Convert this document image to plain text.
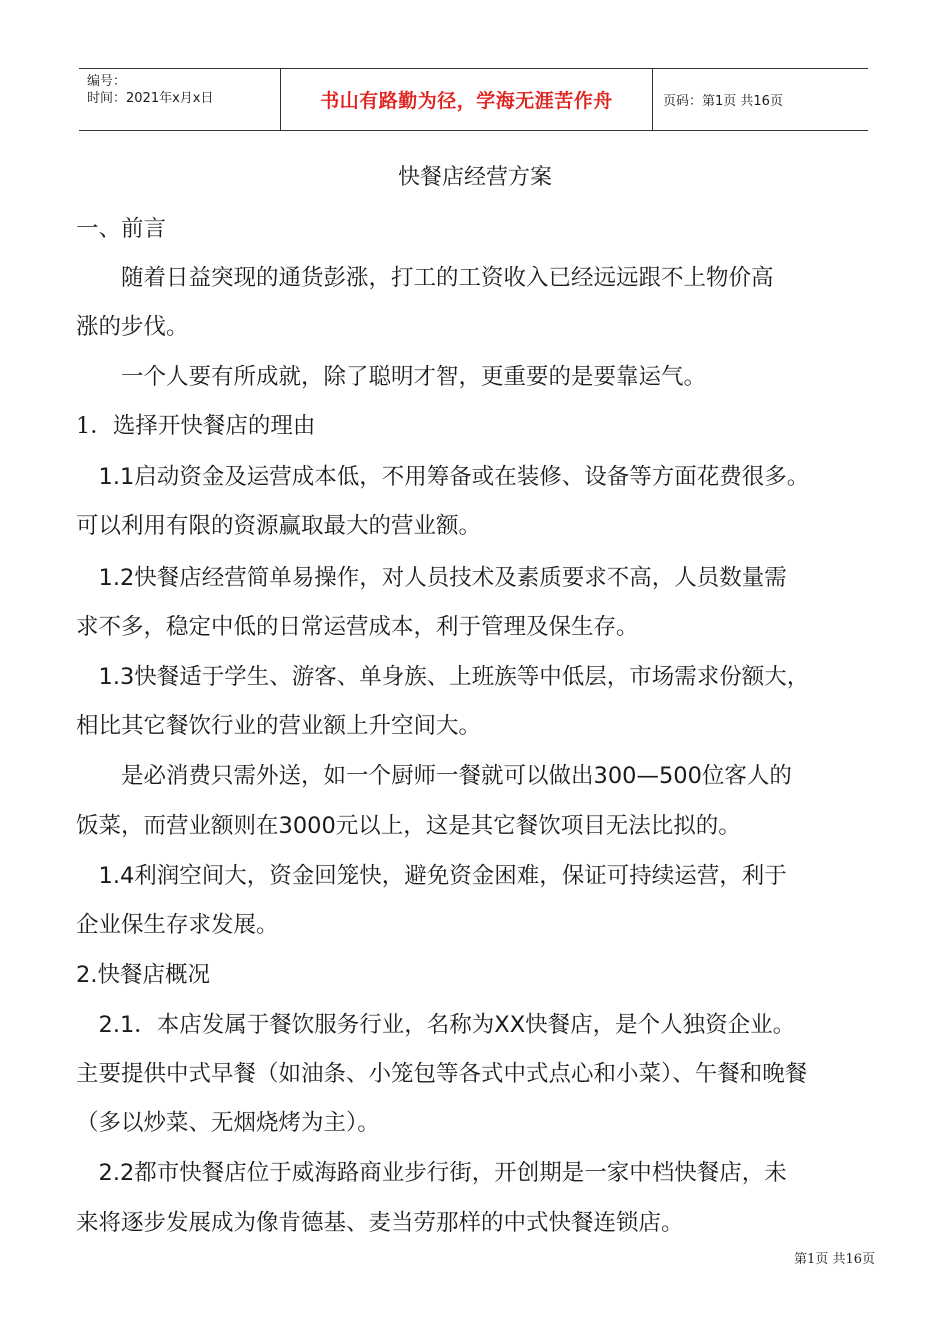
编号：
时间：2021年x月x日	书山有路勤为径，学海无涯苦作舟	页码：第1页 共16页
快餐店经营方案
一、前言
　　随着日益突现的通货彭涨，打工的工资收入已经远远跟不上物价高
涨的步伐。
　　一个人要有所成就，除了聪明才智，更重要的是要靠运气。
1．选择开快餐店的理由
　1.1启动资金及运营成本低，不用筹备或在装修、设备等方面花费很多。
可以利用有限的资源赢取最大的营业额。
　1.2快餐店经营简单易操作，对人员技术及素质要求不高，人员数量需
求不多，稳定中低的日常运营成本，利于管理及保生存。
　1.3快餐适于学生、游客、单身族、上班族等中低层，市场需求份额大，
相比其它餐饮行业的营业额上升空间大。
　　是必消费只需外送，如一个厨师一餐就可以做出300—500位客人的
饭菜，而营业额则在3000元以上，这是其它餐饮项目无法比拟的。
　1.4利润空间大，资金回笼快，避免资金困难，保证可持续运营，利于
企业保生存求发展。
2.快餐店概况
　2.1．本店发属于餐饮服务行业，名称为XX快餐店，是个人独资企业。
主要提供中式早餐（如油条、小笼包等各式中式点心和小菜）、午餐和晚餐
（多以炒菜、无烟烧烤为主）。
　2.2都市快餐店位于威海路商业步行街，开创期是一家中档快餐店，未
来将逐步发展成为像肯德基、麦当劳那样的中式快餐连锁店。
第1页 共16页
